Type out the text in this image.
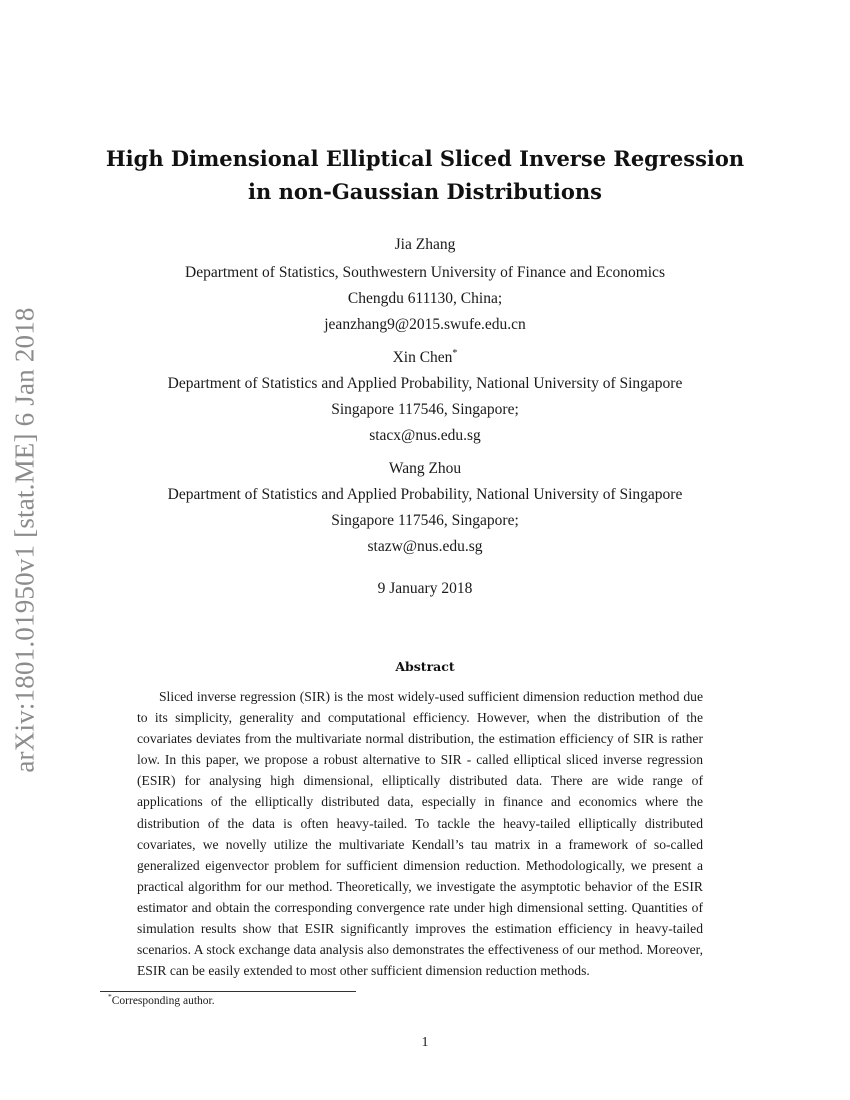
arXiv:1801.01950v1 [stat.ME] 6 Jan 2018
High Dimensional Elliptical Sliced Inverse Regression
in non-Gaussian Distributions
Jia Zhang
Department of Statistics, Southwestern University of Finance and Economics
Chengdu 611130, China;
jeanzhang9@2015.swufe.edu.cn
Xin Chen*
Department of Statistics and Applied Probability, National University of Singapore
Singapore 117546, Singapore;
stacx@nus.edu.sg
Wang Zhou
Department of Statistics and Applied Probability, National University of Singapore
Singapore 117546, Singapore;
stazw@nus.edu.sg
9 January 2018
Abstract
Sliced inverse regression (SIR) is the most widely-used sufficient dimension reduction method due to its simplicity, generality and computational efficiency. However, when the distribution of the covariates deviates from the multivariate normal distribution, the estimation efficiency of SIR is rather low. In this paper, we propose a robust alternative to SIR - called elliptical sliced inverse regression (ESIR) for analysing high dimensional, elliptically distributed data. There are wide range of applications of the elliptically distributed data, especially in finance and economics where the distribution of the data is often heavy-tailed. To tackle the heavy-tailed elliptically distributed covariates, we novelly utilize the multivariate Kendall’s tau matrix in a framework of so-called generalized eigenvector problem for sufficient dimension reduction. Methodologically, we present a practical algorithm for our method. Theoretically, we investigate the asymptotic behavior of the ESIR estimator and obtain the corresponding convergence rate under high dimensional setting. Quantities of simulation results show that ESIR significantly improves the estimation efficiency in heavy-tailed scenarios. A stock exchange data analysis also demonstrates the effectiveness of our method. Moreover, ESIR can be easily extended to most other sufficient dimension reduction methods.
*Corresponding author.
1
